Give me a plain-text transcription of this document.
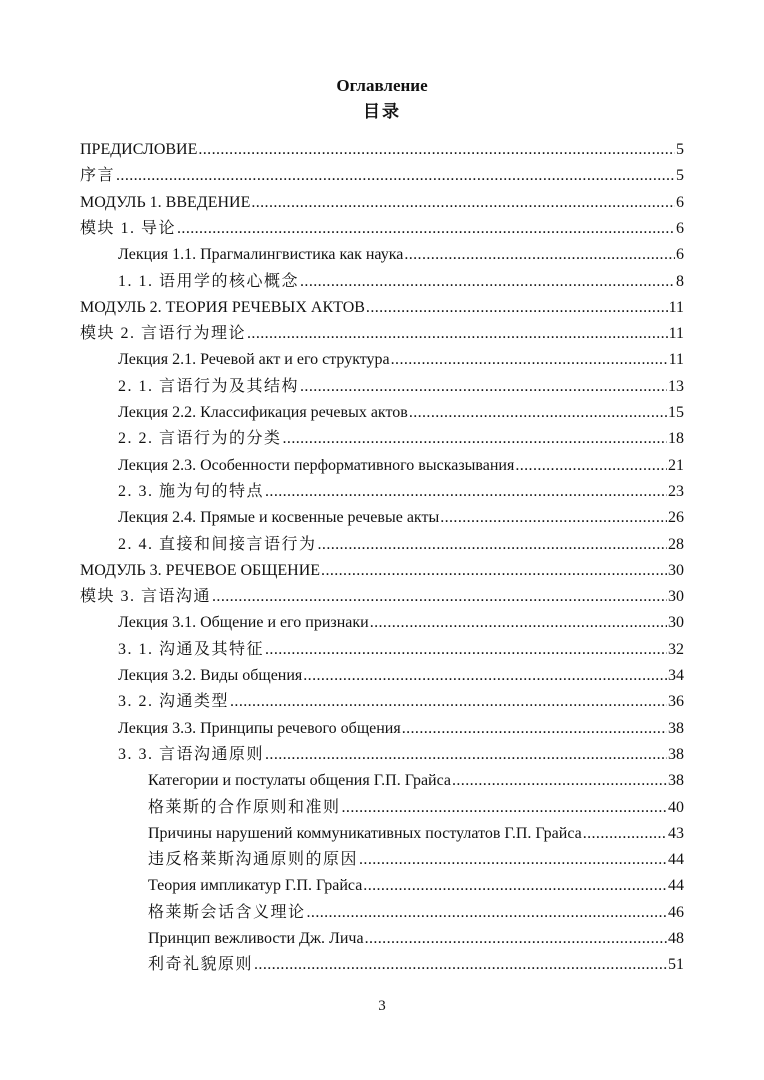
Оглавление
目录
ПРЕДИСЛОВИЕ . . .	5
序言 . . .	5
МОДУЛЬ 1. ВВЕДЕНИЕ . . .	6
模块 1. 导论 . . .	6
Лекция 1.1. Прагмалингвистика как наука . . .	6
1. 1. 语用学的核心概念 . . .	8
МОДУЛЬ 2. ТЕОРИЯ РЕЧЕВЫХ АКТОВ . . .	11
模块 2. 言语行为理论 . . .	11
Лекция 2.1. Речевой акт и его структура . . .	11
2. 1. 言语行为及其结构 . . .	13
Лекция 2.2. Классификация речевых актов . . .	15
2. 2. 言语行为的分类 . . .	18
Лекция 2.3. Особенности перформативного высказывания . . .	21
2. 3. 施为句的特点 . . .	23
Лекция 2.4. Прямые и косвенные речевые акты . . .	26
2. 4. 直接和间接言语行为 . . .	28
МОДУЛЬ 3. РЕЧЕВОЕ ОБЩЕНИЕ . . .	30
模块 3. 言语沟通 . . .	30
Лекция 3.1. Общение и его признаки . . .	30
3. 1. 沟通及其特征 . . .	32
Лекция 3.2. Виды общения . . .	34
3. 2. 沟通类型 . . .	36
Лекция 3.3. Принципы речевого общения . . .	38
3. 3. 言语沟通原则 . . .	38
Категории и постулаты общения Г.П. Грайса . . .	38
格莱斯的合作原则和准则 . . .	40
Причины нарушений коммуникативных постулатов Г.П. Грайса . . .	43
违反格莱斯沟通原则的原因 . . .	44
Теория импликатур Г.П. Грайса . . .	44
格莱斯会话含义理论 . . .	46
Принцип вежливости Дж. Лича . . .	48
利奇礼貌原则 . . .	51
3
